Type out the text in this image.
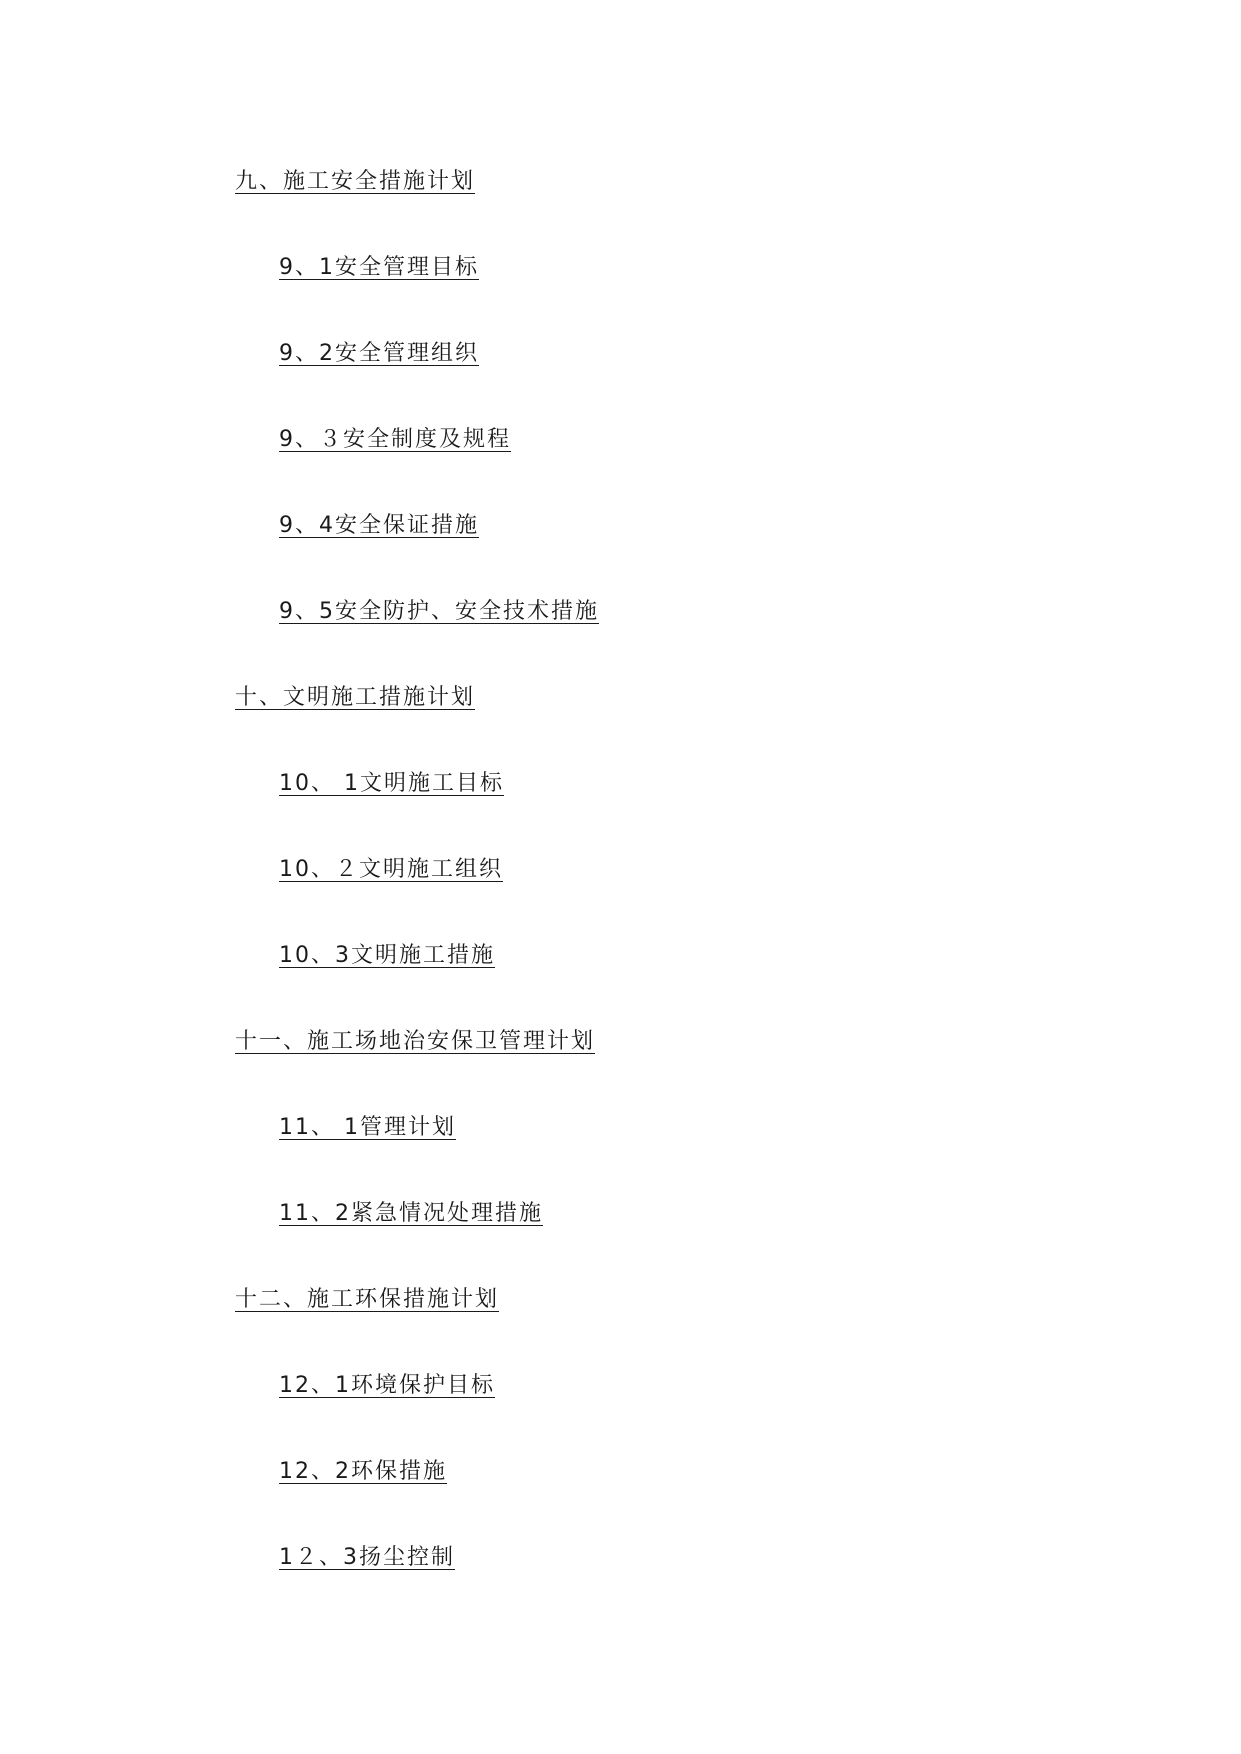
九、施工安全措施计划
9、1安全管理目标
9、2安全管理组织
9、３安全制度及规程
9、4安全保证措施
9、5安全防护、安全技术措施
十、文明施工措施计划
10、 1文明施工目标
10、２文明施工组织
10、3文明施工措施
十一、施工场地治安保卫管理计划
11、 1管理计划
11、2紧急情况处理措施
十二、施工环保措施计划
12、1环境保护目标
12、2环保措施
1２、3扬尘控制
